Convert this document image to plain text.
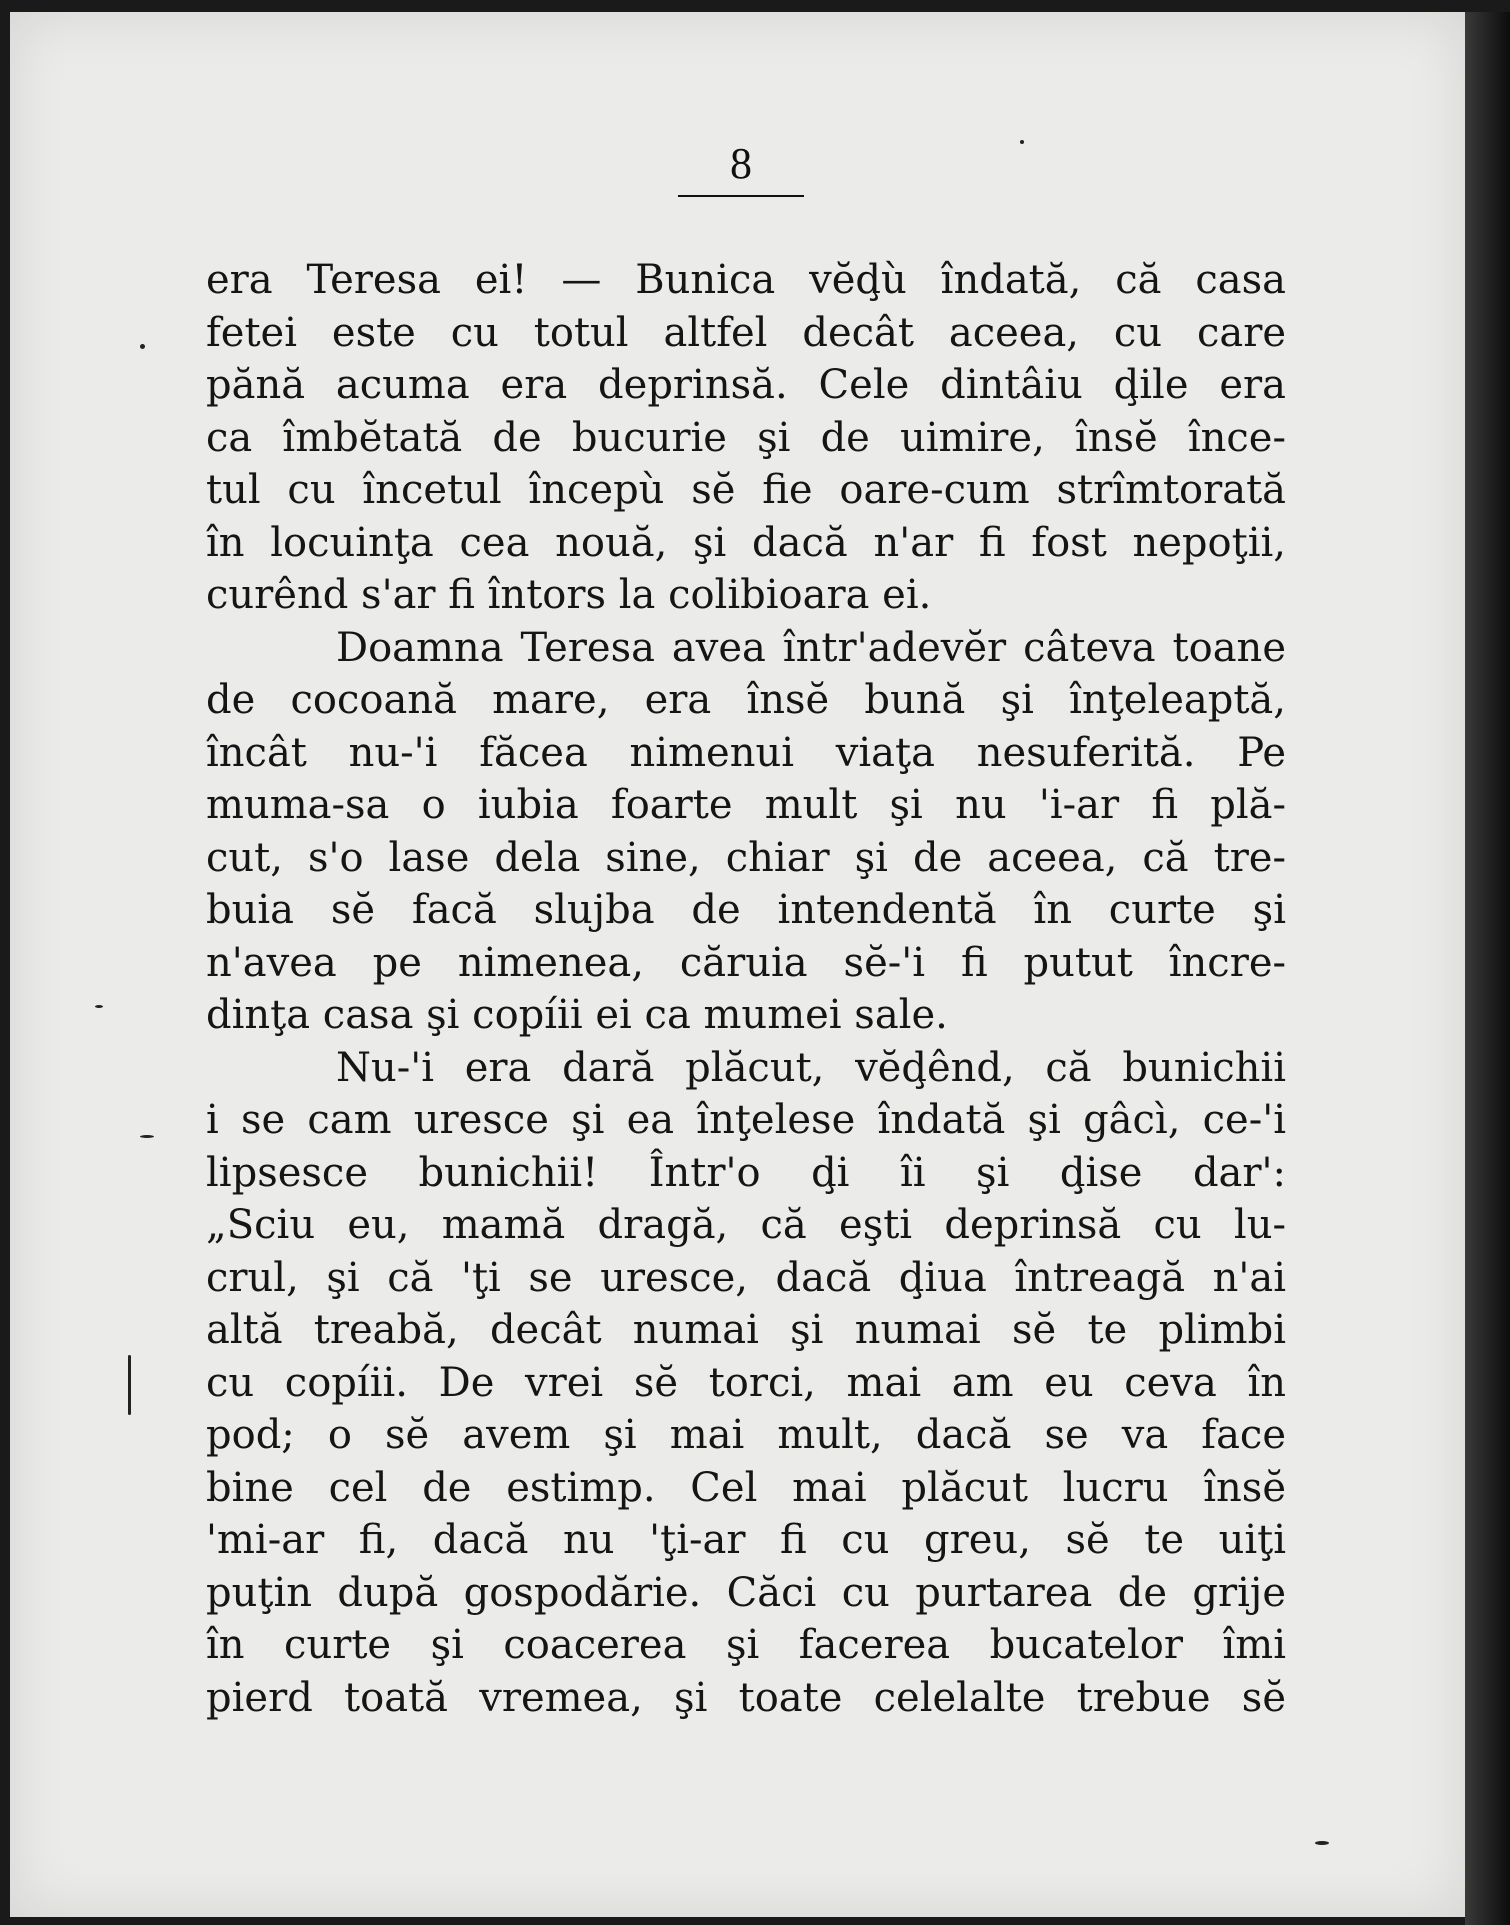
8
era Teresa ei! — Bunica vĕḑù îndată, că casa
fetei este cu totul altfel decât aceea, cu care
pănă acuma era deprinsă. Cele dintâiu ḑile era
ca îmbĕtată de bucurie şi de uimire, însĕ înce-
tul cu încetul începù sĕ fie oare-cum strîmtorată
în locuinţa cea nouă, şi dacă n'ar fi fost nepoţii,
curênd s'ar fi întors la colibioara ei.
Doamna Teresa avea într'adevĕr câteva toane
de cocoană mare, era însĕ bună şi înţeleaptă,
încât nu-'i făcea nimenui viaţa nesuferită. Pe
muma-sa o iubia foarte mult şi nu 'i-ar fi plă-
cut, s'o lase dela sine, chiar şi de aceea, că tre-
buia sĕ facă slujba de intendentă în curte şi
n'avea pe nimenea, căruia sĕ-'i fi putut încre-
dinţa casa şi copíii ei ca mumei sale.
Nu-'i era dară plăcut, vĕḑênd, că bunichii
i se cam uresce şi ea înţelese îndată şi gâcì, ce-'i
lipsesce bunichii! Într'o ḑi îi şi ḑise dar':
„Sciu eu, mamă dragă, că eşti deprinsă cu lu-
crul, şi că 'ţi se uresce, dacă ḑiua întreagă n'ai
altă treabă, decât numai şi numai sĕ te plimbi
cu copíii. De vrei sĕ torci, mai am eu ceva în
pod; o sĕ avem şi mai mult, dacă se va face
bine cel de estimp. Cel mai plăcut lucru însĕ
'mi-ar fi, dacă nu 'ţi-ar fi cu greu, sĕ te uiţi
puţin după gospodărie. Căci cu purtarea de grije
în curte şi coacerea şi facerea bucatelor îmi
pierd toată vremea, şi toate celelalte trebue sĕ
